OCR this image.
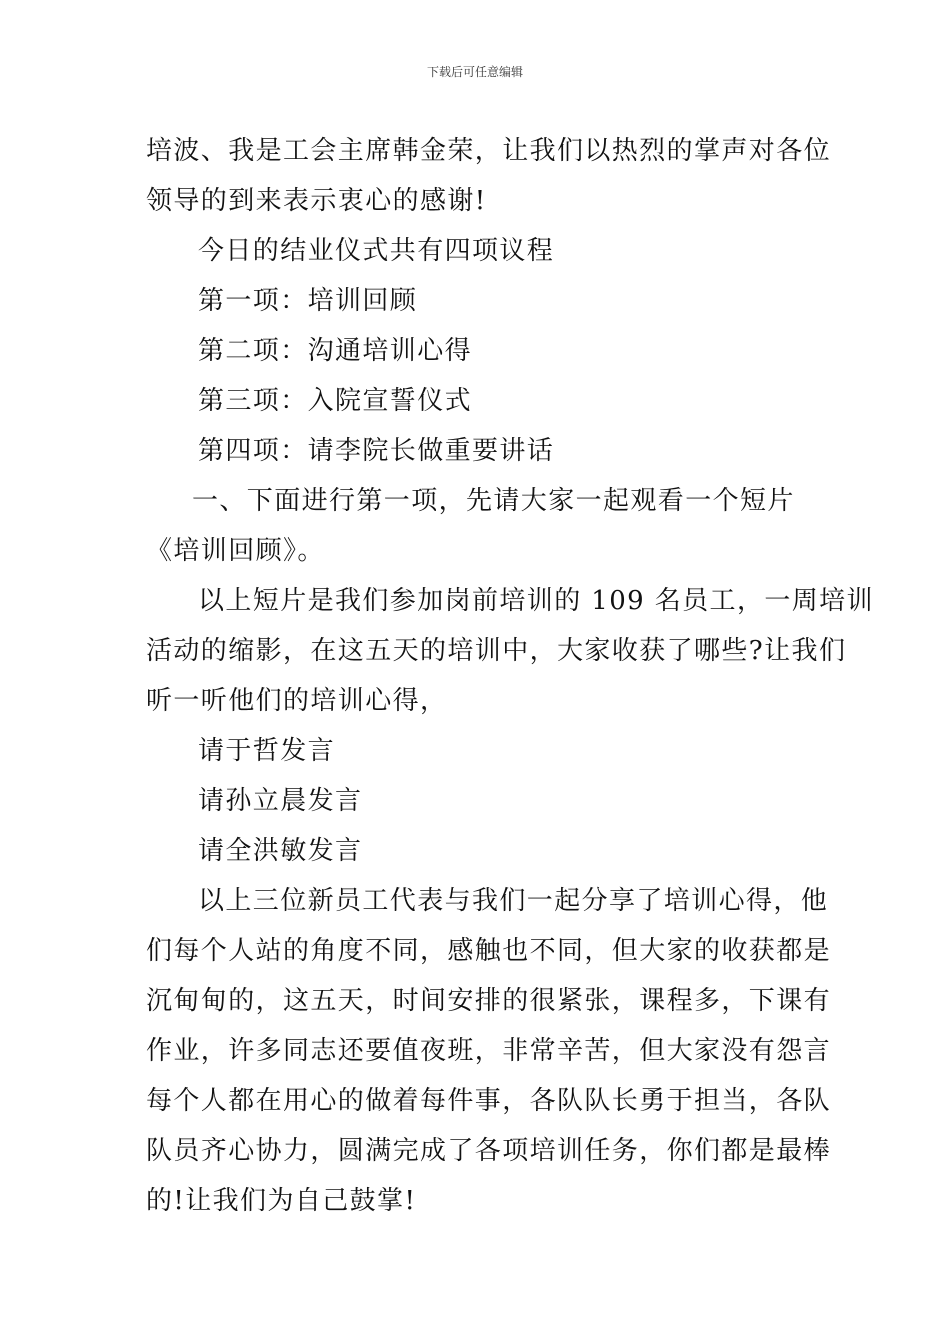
下载后可任意编辑
培波、我是工会主席韩金荣，让我们以热烈的掌声对各位
领导的到来表示衷心的感谢!
今日的结业仪式共有四项议程
第一项：培训回顾
第二项：沟通培训心得
第三项：入院宣誓仪式
第四项：请李院长做重要讲话
一、下面进行第一项，先请大家一起观看一个短片
《培训回顾》。
以上短片是我们参加岗前培训的 109 名员工，一周培训
活动的缩影，在这五天的培训中，大家收获了哪些?让我们
听一听他们的培训心得，
请于哲发言
请孙立晨发言
请全洪敏发言
以上三位新员工代表与我们一起分享了培训心得，他
们每个人站的角度不同，感触也不同，但大家的收获都是
沉甸甸的，这五天，时间安排的很紧张，课程多，下课有
作业，许多同志还要值夜班，非常辛苦，但大家没有怨言
每个人都在用心的做着每件事，各队队长勇于担当，各队
队员齐心协力，圆满完成了各项培训任务，你们都是最棒
的!让我们为自己鼓掌!
